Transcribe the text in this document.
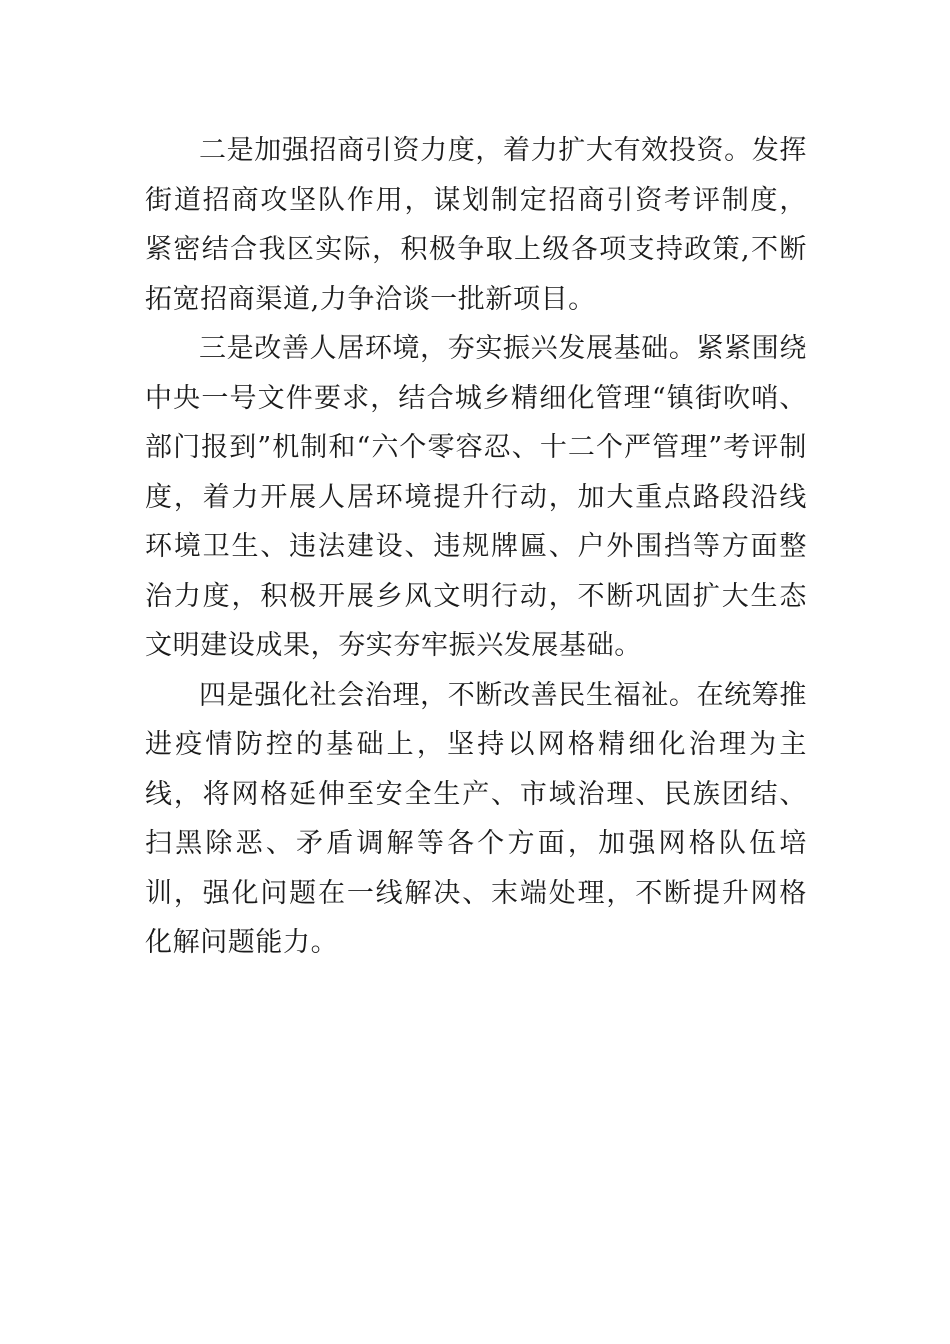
二是加强招商引资力度，着力扩大有效投资。发挥街道招商攻坚队作用，谋划制定招商引资考评制度，紧密结合我区实际，积极争取上级各项支持政策,不断拓宽招商渠道,力争洽谈一批新项目。

三是改善人居环境，夯实振兴发展基础。紧紧围绕中央一号文件要求，结合城乡精细化管理“镇街吹哨、部门报到”机制和“六个零容忍、十二个严管理”考评制度，着力开展人居环境提升行动，加大重点路段沿线环境卫生、违法建设、违规牌匾、户外围挡等方面整治力度，积极开展乡风文明行动，不断巩固扩大生态文明建设成果，夯实夯牢振兴发展基础。

四是强化社会治理，不断改善民生福祉。在统筹推进疫情防控的基础上，坚持以网格精细化治理为主线，将网格延伸至安全生产、市域治理、民族团结、扫黑除恶、矛盾调解等各个方面，加强网格队伍培训，强化问题在一线解决、末端处理，不断提升网格化解问题能力。
